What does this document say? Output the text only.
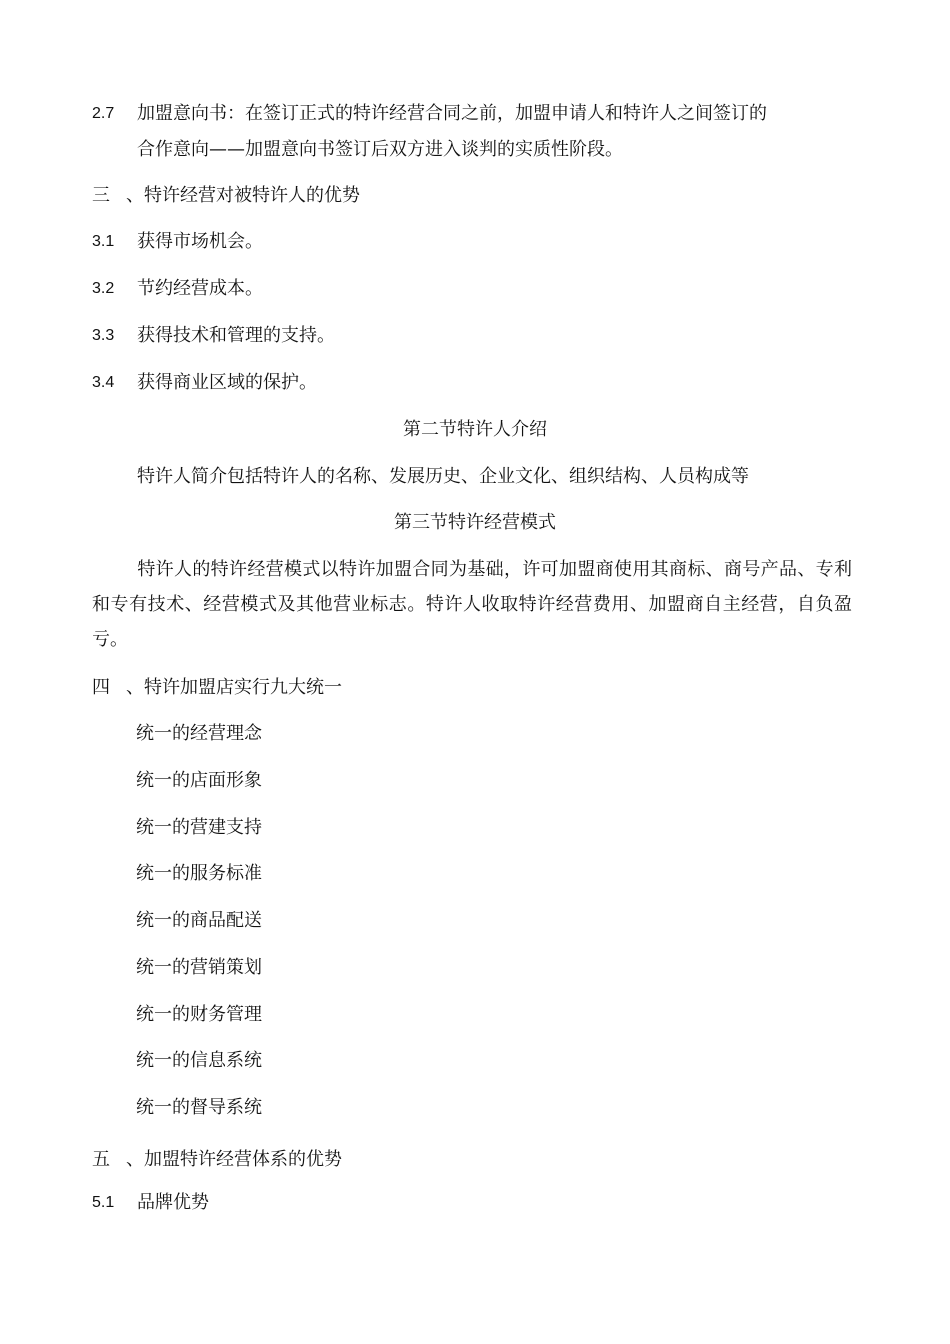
2.7 加盟意向书：在签订正式的特许经营合同之前，加盟申请人和特许人之间签订的
合作意向——加盟意向书签订后双方进入谈判的实质性阶段。
三 、特许经营对被特许人的优势
3.1 获得市场机会。
3.2 节约经营成本。
3.3 获得技术和管理的支持。
3.4 获得商业区域的保护。
第二节特许人介绍
特许人简介包括特许人的名称、发展历史、企业文化、组织结构、人员构成等
第三节特许经营模式
特许人的特许经营模式以特许加盟合同为基础，许可加盟商使用其商标、商号产品、专利和专有技术、经营模式及其他营业标志。特许人收取特许经营费用、加盟商自主经营，自负盈亏。
四 、特许加盟店实行九大统一
统一的经营理念
统一的店面形象
统一的营建支持
统一的服务标准
统一的商品配送
统一的营销策划
统一的财务管理
统一的信息系统
统一的督导系统
五 、加盟特许经营体系的优势
5.1 品牌优势
